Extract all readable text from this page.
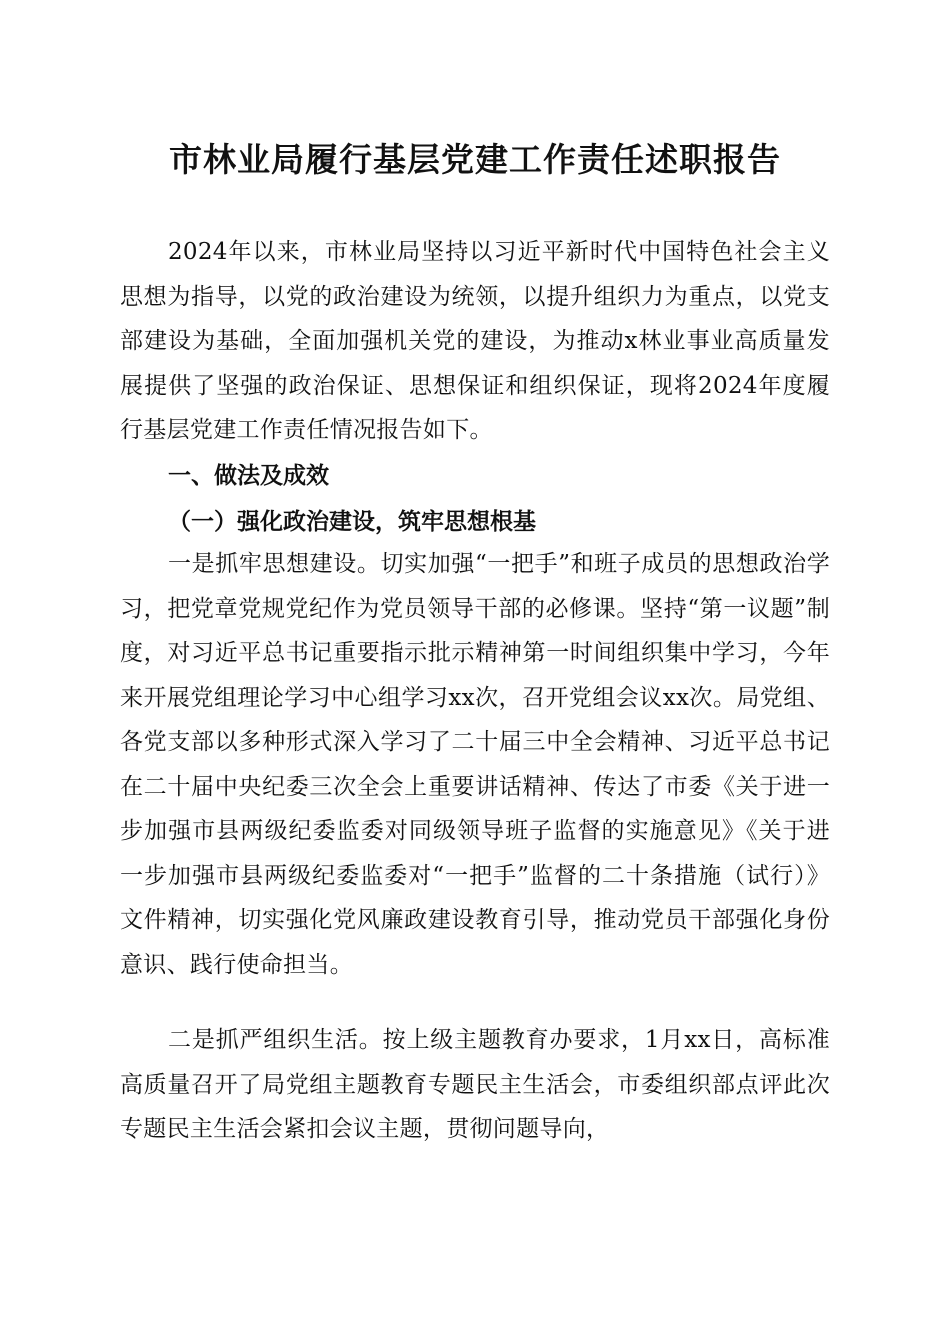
市林业局履行基层党建工作责任述职报告
2024年以来，市林业局坚持以习近平新时代中国特色社会主义思想为指导，以党的政治建设为统领，以提升组织力为重点，以党支部建设为基础，全面加强机关党的建设，为推动x林业事业高质量发展提供了坚强的政治保证、思想保证和组织保证，现将2024年度履行基层党建工作责任情况报告如下。
一、做法及成效
（一）强化政治建设，筑牢思想根基
一是抓牢思想建设。切实加强“一把手”和班子成员的思想政治学习，把党章党规党纪作为党员领导干部的必修课。坚持“第一议题”制度，对习近平总书记重要指示批示精神第一时间组织集中学习，今年来开展党组理论学习中心组学习xx次，召开党组会议xx次。局党组、各党支部以多种形式深入学习了二十届三中全会精神、习近平总书记在二十届中央纪委三次全会上重要讲话精神、传达了市委《关于进一步加强市县两级纪委监委对同级领导班子监督的实施意见》《关于进一步加强市县两级纪委监委对“一把手”监督的二十条措施（试行）》文件精神，切实强化党风廉政建设教育引导，推动党员干部强化身份意识、践行使命担当。
二是抓严组织生活。按上级主题教育办要求，1月xx日，高标准高质量召开了局党组主题教育专题民主生活会，市委组织部点评此次专题民主生活会紧扣会议主题，贯彻问题导向，
